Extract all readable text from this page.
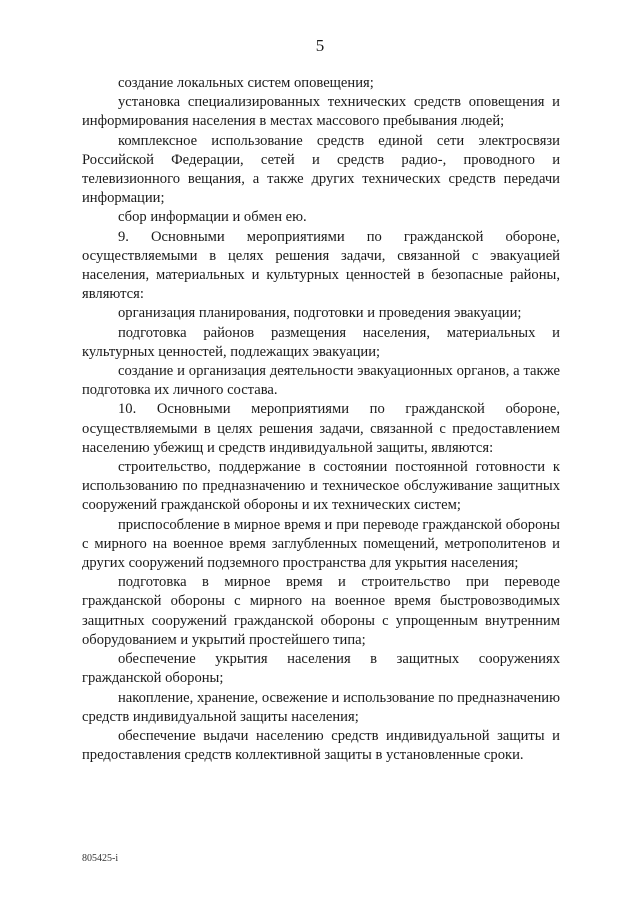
5

создание локальных систем оповещения;

установка специализированных технических средств оповещения и информирования населения в местах массового пребывания людей;

комплексное использование средств единой сети электросвязи Российской Федерации, сетей и средств радио-, проводного и телевизионного вещания, а также других технических средств передачи информации;

сбор информации и обмен ею.

9. Основными мероприятиями по гражданской обороне, осуществляемыми в целях решения задачи, связанной с эвакуацией населения, материальных и культурных ценностей в безопасные районы, являются:

организация планирования, подготовки и проведения эвакуации;

подготовка районов размещения населения, материальных и культурных ценностей, подлежащих эвакуации;

создание и организация деятельности эвакуационных органов, а также подготовка их личного состава.

10. Основными мероприятиями по гражданской обороне, осуществляемыми в целях решения задачи, связанной с предоставлением населению убежищ и средств индивидуальной защиты, являются:

строительство, поддержание в состоянии постоянной готовности к использованию по предназначению и техническое обслуживание защитных сооружений гражданской обороны и их технических систем;

приспособление в мирное время и при переводе гражданской обороны с мирного на военное время заглубленных помещений, метрополитенов и других сооружений подземного пространства для укрытия населения;

подготовка в мирное время и строительство при переводе гражданской обороны с мирного на военное время быстровозводимых защитных сооружений гражданской обороны с упрощенным внутренним оборудованием и укрытий простейшего типа;

обеспечение укрытия населения в защитных сооружениях гражданской обороны;

накопление, хранение, освежение и использование по предназначению средств индивидуальной защиты населения;

обеспечение выдачи населению средств индивидуальной защиты и предоставления средств коллективной защиты в установленные сроки.

805425-i
